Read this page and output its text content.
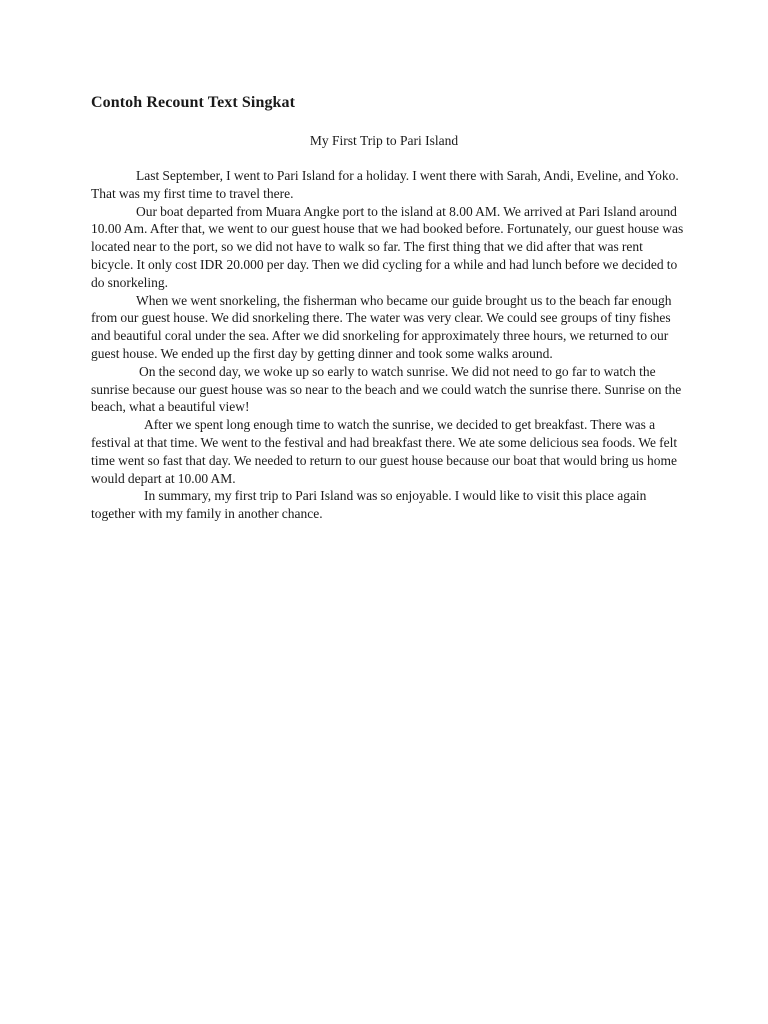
Contoh Recount Text Singkat
My First Trip to Pari Island

Last September, I went to Pari Island for a holiday. I went there with Sarah, Andi, Eveline, and Yoko. That was my first time to travel there.

Our boat departed from Muara Angke port to the island at 8.00 AM. We arrived at Pari Island around 10.00 Am. After that, we went to our guest house that we had booked before. Fortunately, our guest house was located near to the port, so we did not have to walk so far. The first thing that we did after that was rent bicycle. It only cost IDR 20.000 per day. Then we did cycling for a while and had lunch before we decided to do snorkeling.

When we went snorkeling, the fisherman who became our guide brought us to the beach far enough from our guest house. We did snorkeling there. The water was very clear. We could see groups of tiny fishes and beautiful coral under the sea. After we did snorkeling for approximately three hours, we returned to our guest house. We ended up the first day by getting dinner and took some walks around.

On the second day, we woke up so early to watch sunrise. We did not need to go far to watch the sunrise because our guest house was so near to the beach and we could watch the sunrise there. Sunrise on the beach, what a beautiful view!

After we spent long enough time to watch the sunrise, we decided to get breakfast. There was a festival at that time. We went to the festival and had breakfast there. We ate some delicious sea foods. We felt time went so fast that day. We needed to return to our guest house because our boat that would bring us home would depart at 10.00 AM.

In summary, my first trip to Pari Island was so enjoyable. I would like to visit this place again together with my family in another chance.
